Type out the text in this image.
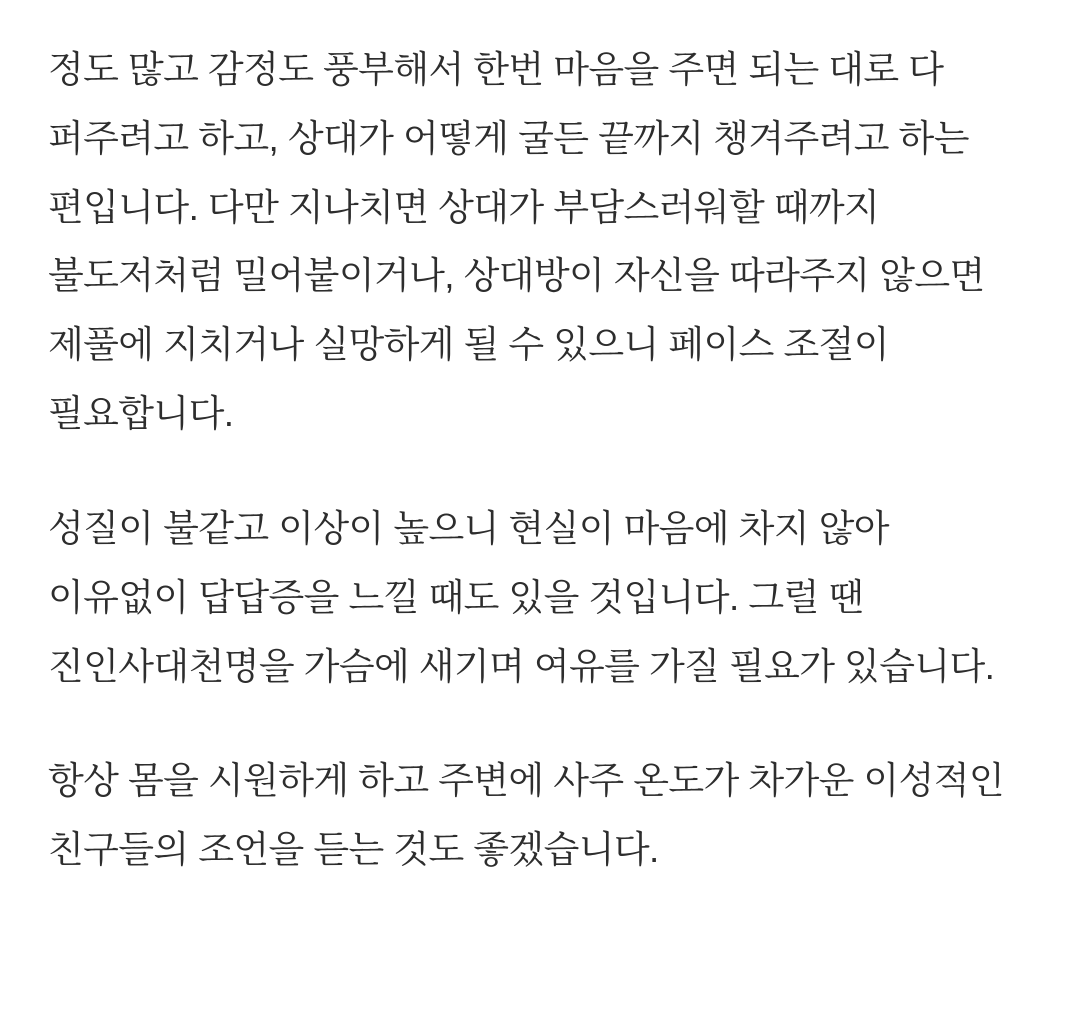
정도 많고 감정도 풍부해서 한번 마음을 주면 되는 대로 다 퍼주려고 하고, 상대가 어떻게 굴든 끝까지 챙겨주려고 하는 편입니다. 다만 지나치면 상대가 부담스러워할 때까지 불도저처럼 밀어붙이거나, 상대방이 자신을 따라주지 않으면 제풀에 지치거나 실망하게 될 수 있으니 페이스 조절이 필요합니다.

성질이 불같고 이상이 높으니 현실이 마음에 차지 않아 이유없이 답답증을 느낄 때도 있을 것입니다. 그럴 땐 진인사대천명을 가슴에 새기며 여유를 가질 필요가 있습니다.

항상 몸을 시원하게 하고 주변에 사주 온도가 차가운 이성적인 친구들의 조언을 듣는 것도 좋겠습니다.
